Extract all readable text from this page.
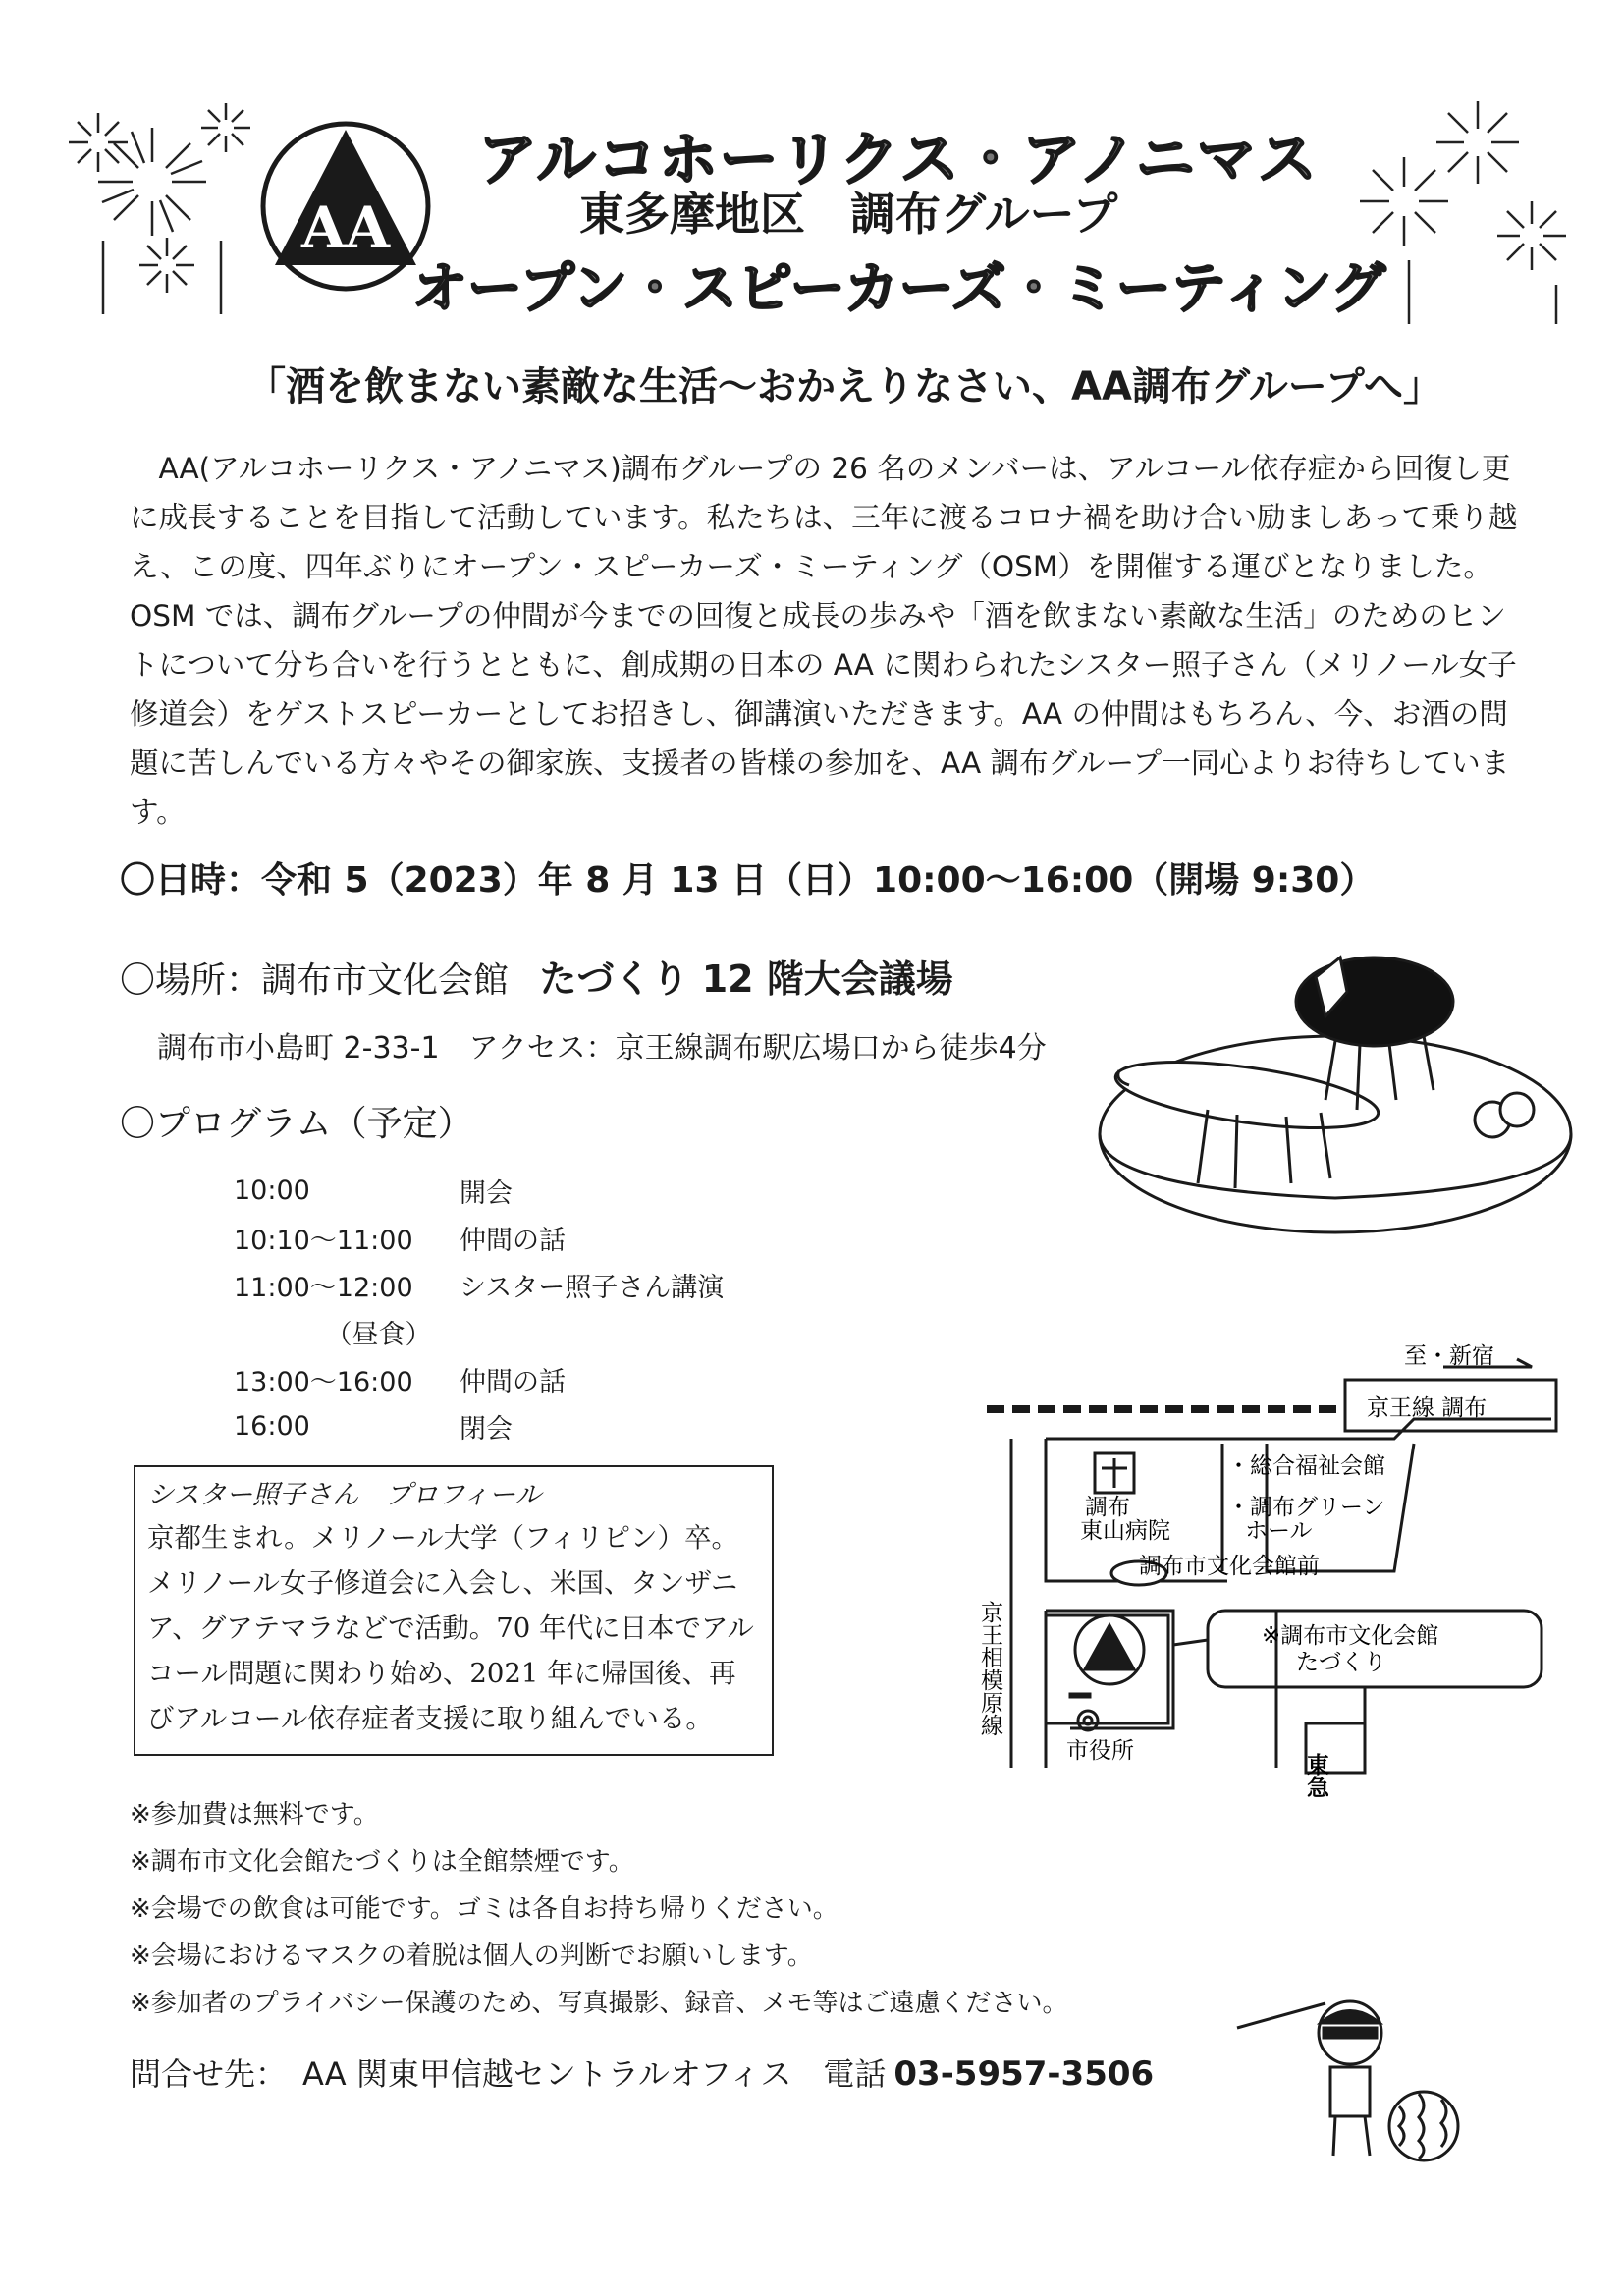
AA
アルコホーリクス・アノニマス
東多摩地区　調布グループ
オープン・スピーカーズ・ミーティング
「酒を飲まない素敵な生活～おかえりなさい、AA調布グループへ」
AA(アルコホーリクス・アノニマス)調布グループの 26 名のメンバーは、アルコール依存症から回復し更に成長することを目指して活動しています。私たちは、三年に渡るコロナ禍を助け合い励ましあって乗り越え、この度、四年ぶりにオープン・スピーカーズ・ミーティング（OSM）を開催する運びとなりました。OSM では、調布グループの仲間が今までの回復と成長の歩みや「酒を飲まない素敵な生活」のためのヒントについて分ち合いを行うとともに、創成期の日本の AA に関わられたシスター照子さん（メリノール女子修道会）をゲストスピーカーとしてお招きし、御講演いただきます。AA の仲間はもちろん、今、お酒の問題に苦しんでいる方々やその御家族、支援者の皆様の参加を、AA 調布グループ一同心よりお待ちしています。
〇日時：令和 5（2023）年 8 月 13 日（日）10:00～16:00（開場 9:30）
〇場所：調布市文化会館 たづくり 12 階大会議場
調布市小島町 2-33-1　アクセス：京王線調布駅広場口から徒歩4分
〇プログラム（予定）
10:00	開会
10:10～11:00	仲間の話
11:00～12:00	シスター照子さん講演
　（昼食）
13:00～16:00	仲間の話
16:00	閉会
シスター照子さん　プロフィール
京都生まれ。メリノール大学（フィリピン）卒。メリノール女子修道会に入会し、米国、タンザニア、グアテマラなどで活動。70 年代に日本でアルコール問題に関わり始め、2021 年に帰国後、再びアルコール依存症者支援に取り組んでいる。
※参加費は無料です。
※調布市文化会館たづくりは全館禁煙です。
※会場での飲食は可能です。ゴミは各自お持ち帰りください。
※会場におけるマスクの着脱は個人の判断でお願いします。
※参加者のプライバシー保護のため、写真撮影、録音、メモ等はご遠慮ください。
問合せ先：　AA 関東甲信越セントラルオフィス　電話 03-5957-3506
至・新宿
京王線 調布
調布
東山病院
・総合福祉会館
・調布グリーン
ホール
調布市文化会館前
※調布市文化会館
たづくり
市役所
東急
京王相模原線
